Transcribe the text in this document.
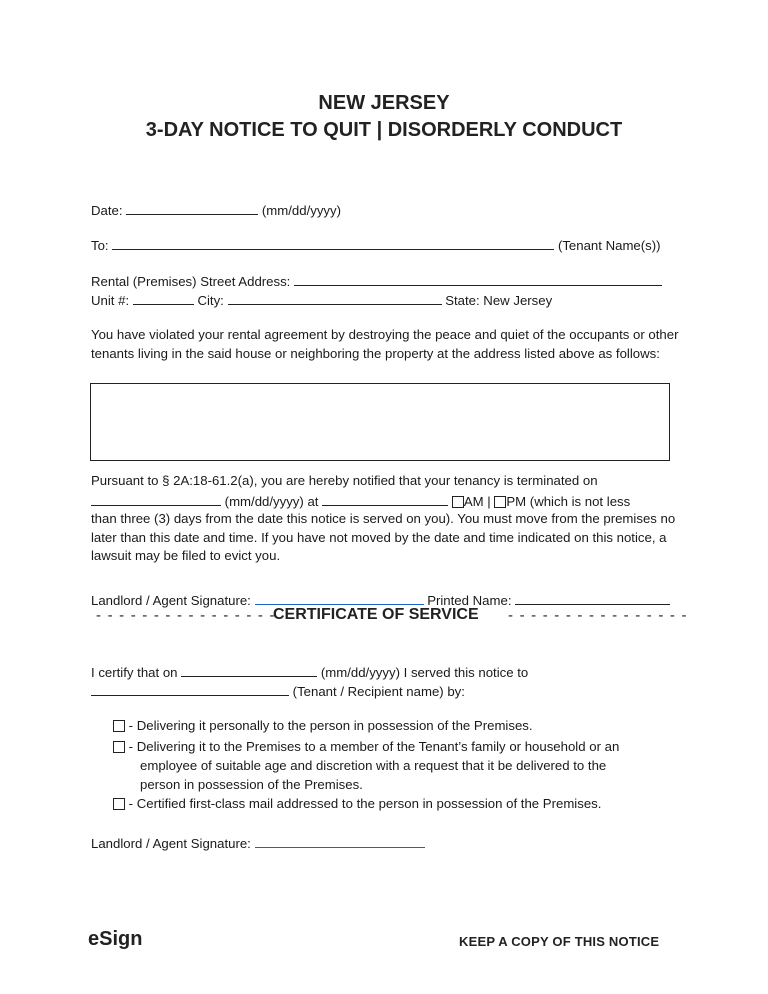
NEW JERSEY
3-DAY NOTICE TO QUIT | DISORDERLY CONDUCT
Date:	(mm/dd/yyyy)
To:	(Tenant Name(s))
Rental (Premises) Street Address:
Unit #:	City:	State: New Jersey
You have violated your rental agreement by destroying the peace and quiet of the occupants or other tenants living in the said house or neighboring the property at the address listed above as follows:
Pursuant to § 2A:18-61.2(a), you are hereby notified that your tenancy is terminated on
(mm/dd/yyyy) at	AM | PM (which is not less
than three (3) days from the date this notice is served on you). You must move from the premises no later than this date and time. If you have not moved by the date and time indicated on this notice, a lawsuit may be filed to evict you.
Landlord / Agent Signature:	Printed Name:
- - - - - - - - - - - - - - - -
CERTIFICATE OF SERVICE - - - - - - - - - - - - - - - -
I certify that on	(mm/dd/yyyy) I served this notice to
(Tenant / Recipient name) by:
- Delivering it personally to the person in possession of the Premises.
- Delivering it to the Premises to a member of the Tenant’s family or household or an
employee of suitable age and discretion with a request that it be delivered to the
person in possession of the Premises.
- Certified first-class mail addressed to the person in possession of the Premises.
Landlord / Agent Signature:
eSign	KEEP A COPY OF THIS NOTICE
